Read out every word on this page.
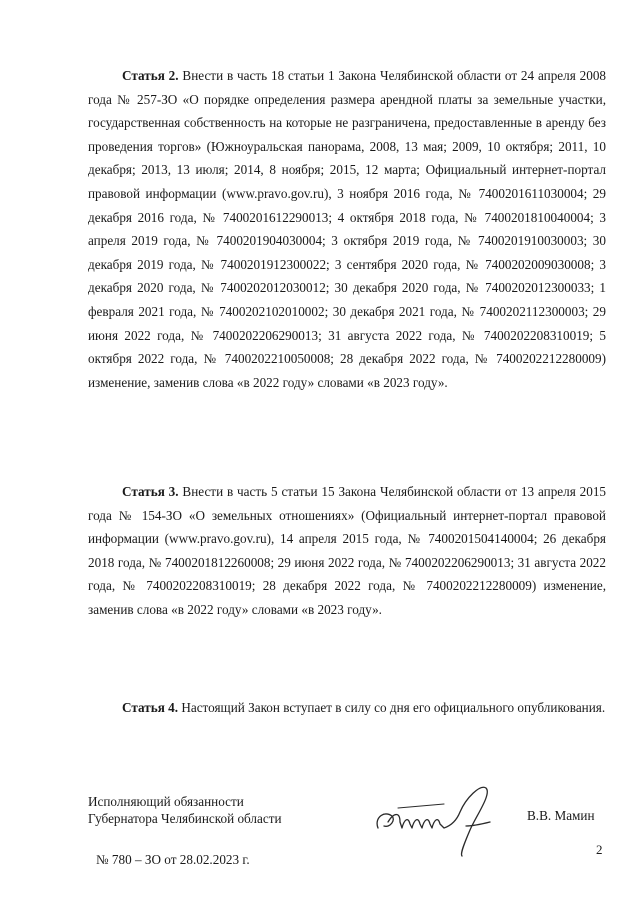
Статья 2. Внести в часть 18 статьи 1 Закона Челябинской области от 24 апреля 2008 года № 257-ЗО «О порядке определения размера арендной платы за земельные участки, государственная собственность на которые не разграничена, предоставленные в аренду без проведения торгов» (Южноуральская панорама, 2008, 13 мая; 2009, 10 октября; 2011, 10 декабря; 2013, 13 июля; 2014, 8 ноября; 2015, 12 марта; Официальный интернет-портал правовой информации (www.pravo.gov.ru), 3 ноября 2016 года, № 7400201611030004; 29 декабря 2016 года, № 7400201612290013; 4 октября 2018 года, № 7400201810040004; 3 апреля 2019 года, № 7400201904030004; 3 октября 2019 года, № 7400201910030003; 30 декабря 2019 года, № 7400201912300022; 3 сентября 2020 года, № 7400202009030008; 3 декабря 2020 года, № 7400202012030012; 30 декабря 2020 года, № 7400202012300033; 1 февраля 2021 года, № 7400202102010002; 30 декабря 2021 года, № 7400202112300003; 29 июня 2022 года, № 7400202206290013; 31 августа 2022 года, № 7400202208310019; 5 октября 2022 года, № 7400202210050008; 28 декабря 2022 года, № 7400202212280009) изменение, заменив слова «в 2022 году» словами «в 2023 году».

Статья 3. Внести в часть 5 статьи 15 Закона Челябинской области от 13 апреля 2015 года № 154-ЗО «О земельных отношениях» (Официальный интернет-портал правовой информации (www.pravo.gov.ru), 14 апреля 2015 года, № 7400201504140004; 26 декабря 2018 года, № 7400201812260008; 29 июня 2022 года, № 7400202206290013; 31 августа 2022 года, № 7400202208310019; 28 декабря 2022 года, № 7400202212280009) изменение, заменив слова «в 2022 году» словами «в 2023 году».

Статья 4. Настоящий Закон вступает в силу со дня его официального опубликования.

Исполняющий обязанности
Губернатора Челябинской области	В.В. Мамин
2
№ 780 – ЗО от 28.02.2023 г.
